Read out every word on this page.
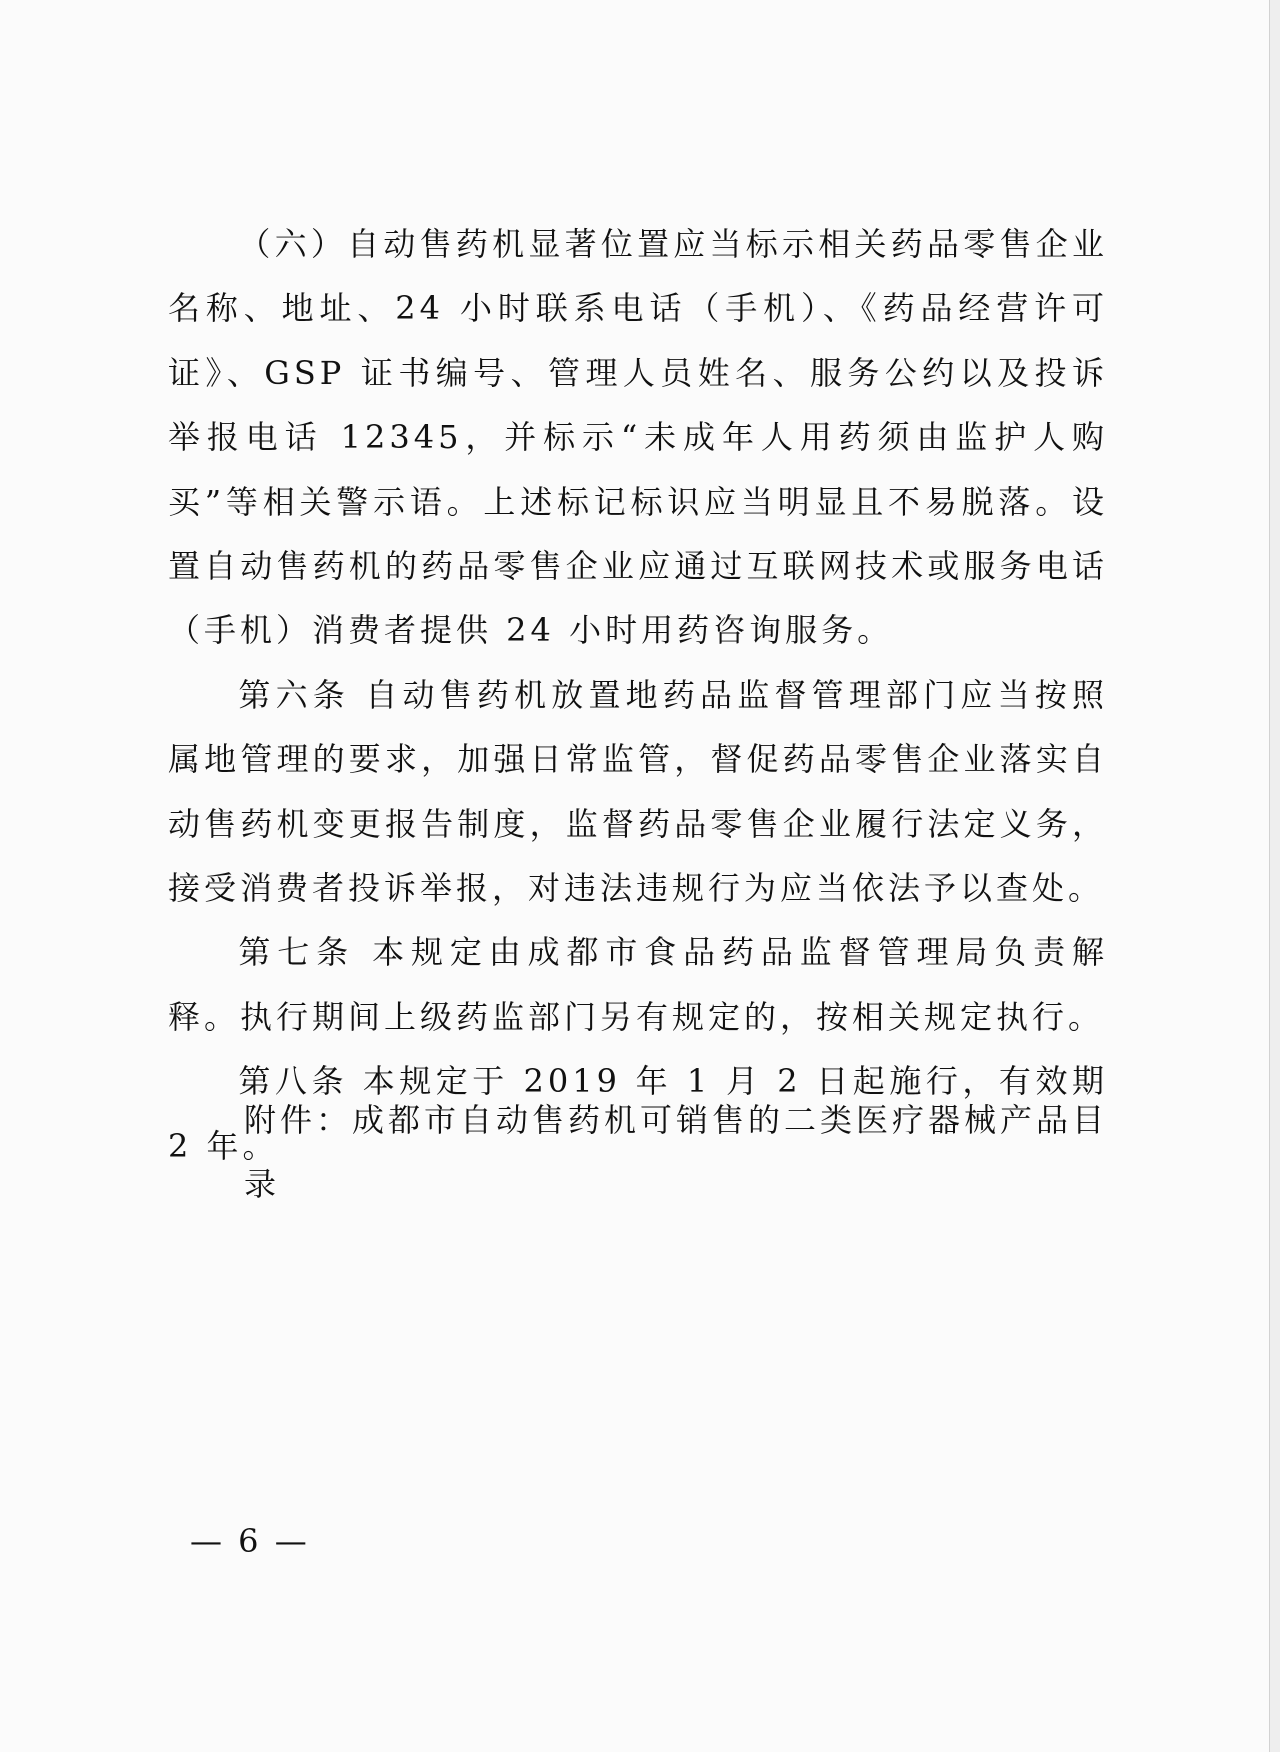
（六）自动售药机显著位置应当标示相关药品零售企业名称、地址、24 小时联系电话（手机）、《药品经营许可证》、GSP 证书编号、管理人员姓名、服务公约以及投诉举报电话 12345，并标示“未成年人用药须由监护人购买”等相关警示语。上述标记标识应当明显且不易脱落。设置自动售药机的药品零售企业应通过互联网技术或服务电话（手机）消费者提供 24 小时用药咨询服务。

第六条 自动售药机放置地药品监督管理部门应当按照属地管理的要求，加强日常监管，督促药品零售企业落实自动售药机变更报告制度，监督药品零售企业履行法定义务，接受消费者投诉举报，对违法违规行为应当依法予以查处。

第七条 本规定由成都市食品药品监督管理局负责解释。执行期间上级药监部门另有规定的，按相关规定执行。

第八条 本规定于 2019 年 1 月 2 日起施行，有效期 2 年。

附件：成都市自动售药机可销售的二类医疗器械产品目录

— 6 —
